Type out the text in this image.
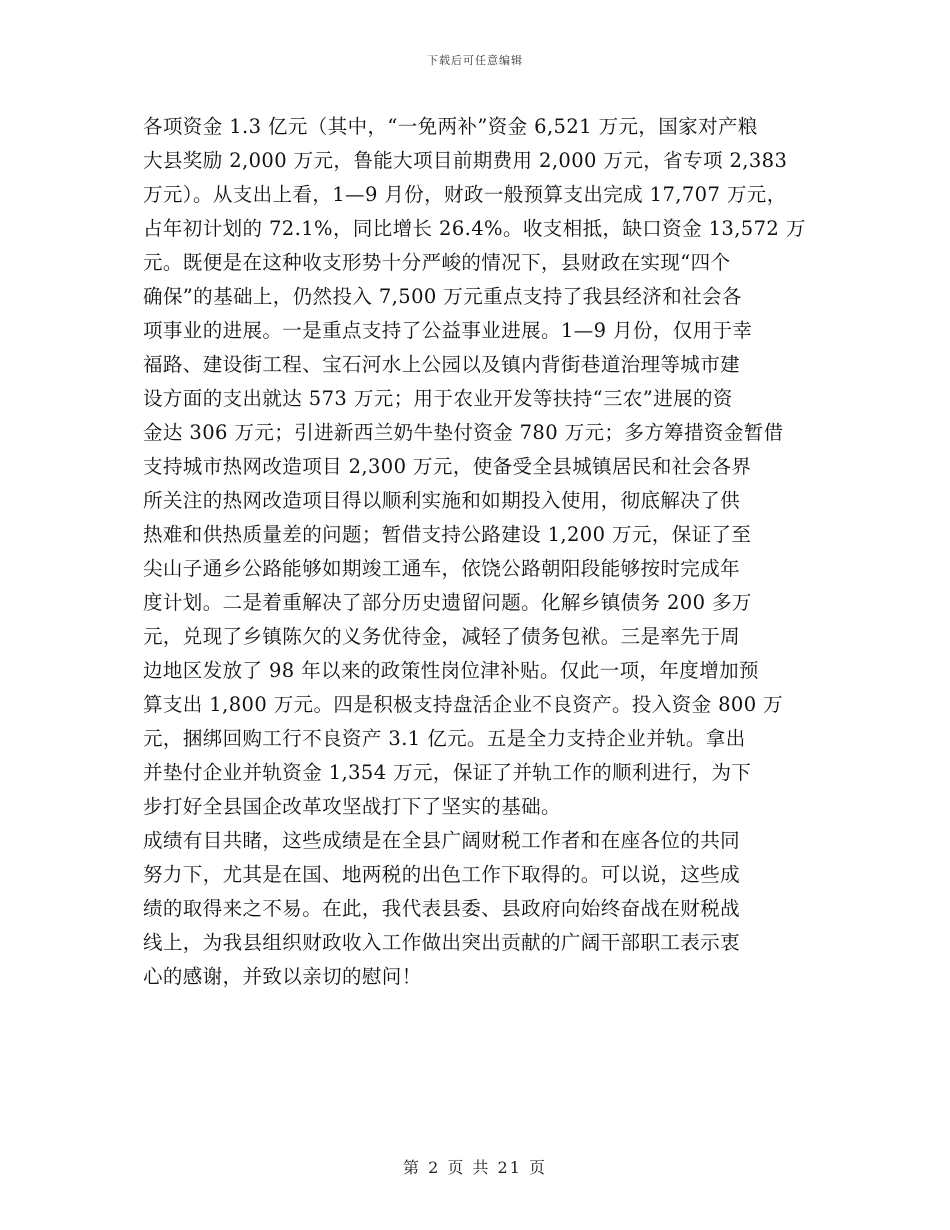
下载后可任意编辑
各项资金 1.3 亿元（其中，“一免两补”资金 6,521 万元，国家对产粮
大县奖励 2,000 万元，鲁能大项目前期费用 2,000 万元，省专项 2,383
万元）。从支出上看，1—9 月份，财政一般预算支出完成 17,707 万元，
占年初计划的 72.1%，同比增长 26.4%。收支相抵，缺口资金 13,572 万
元。既便是在这种收支形势十分严峻的情况下，县财政在实现“四个
确保”的基础上，仍然投入 7,500 万元重点支持了我县经济和社会各
项事业的进展。一是重点支持了公益事业进展。1—9 月份，仅用于幸
福路、建设街工程、宝石河水上公园以及镇内背街巷道治理等城市建
设方面的支出就达 573 万元；用于农业开发等扶持“三农”进展的资
金达 306 万元；引进新西兰奶牛垫付资金 780 万元；多方筹措资金暂借
支持城市热网改造项目 2,300 万元，使备受全县城镇居民和社会各界
所关注的热网改造项目得以顺利实施和如期投入使用，彻底解决了供
热难和供热质量差的问题；暂借支持公路建设 1,200 万元，保证了至
尖山子通乡公路能够如期竣工通车，依饶公路朝阳段能够按时完成年
度计划。二是着重解决了部分历史遗留问题。化解乡镇债务 200 多万
元，兑现了乡镇陈欠的义务优待金，减轻了债务包袱。三是率先于周
边地区发放了 98 年以来的政策性岗位津补贴。仅此一项，年度增加预
算支出 1,800 万元。四是积极支持盘活企业不良资产。投入资金 800 万
元，捆绑回购工行不良资产 3.1 亿元。五是全力支持企业并轨。拿出
并垫付企业并轨资金 1,354 万元，保证了并轨工作的顺利进行，为下
步打好全县国企改革攻坚战打下了坚实的基础。
成绩有目共睹，这些成绩是在全县广阔财税工作者和在座各位的共同
努力下，尤其是在国、地两税的出色工作下取得的。可以说，这些成
绩的取得来之不易。在此，我代表县委、县政府向始终奋战在财税战
线上，为我县组织财政收入工作做出突出贡献的广阔干部职工表示衷
心的感谢，并致以亲切的慰问！
第 2 页 共 21 页
